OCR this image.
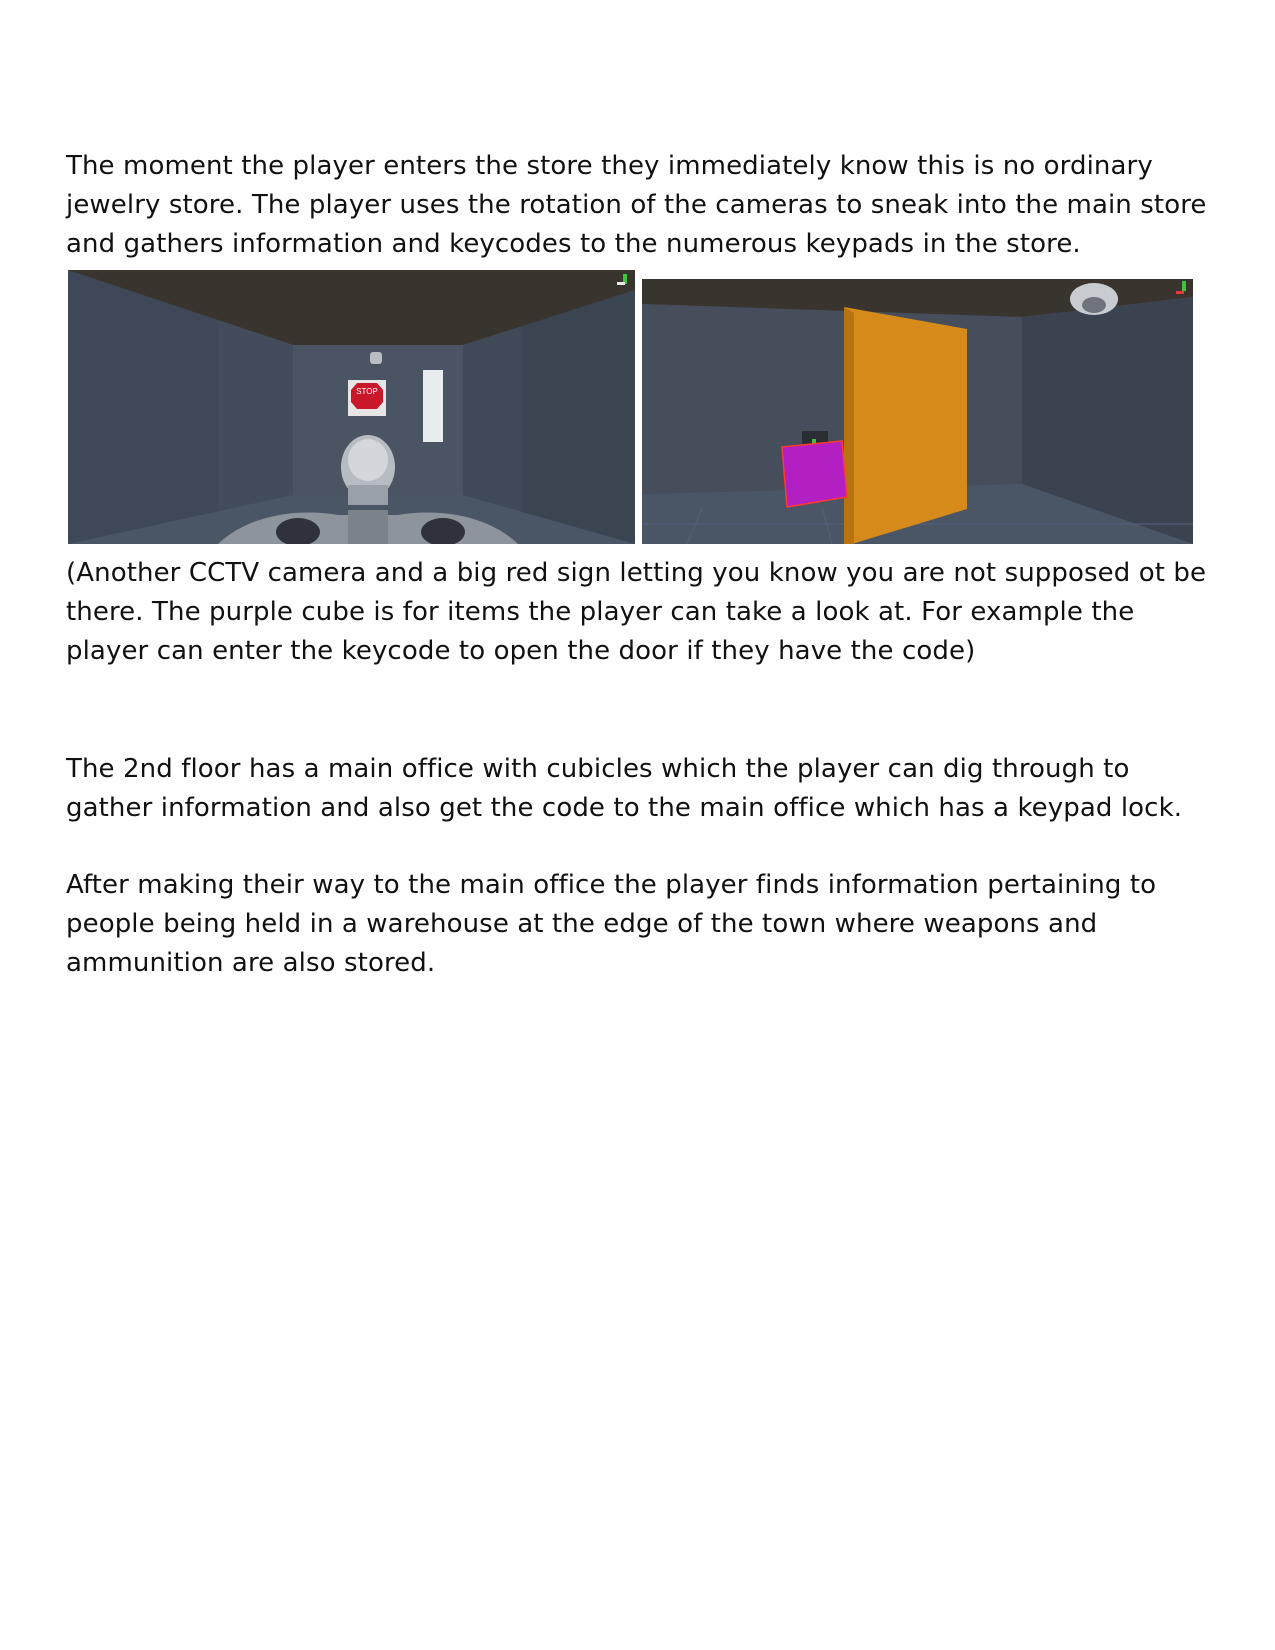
The moment the player enters the store they immediately know this is no ordinary jewelry store. The player uses the rotation of the cameras to sneak into the main store and gathers information and keycodes to the numerous keypads in the store.

STOP

(Another CCTV camera and a big red sign letting you know you are not supposed ot be there. The purple cube is for items the player can take a look at. For example the player can enter the keycode to open the door if they have the code)

The 2nd floor has a main office with cubicles which the player can dig through to gather information and also get the code to the main office which has a keypad lock.

After making their way to the main office the player finds information pertaining to people being held in a warehouse at the edge of the town where weapons and ammunition are also stored.
